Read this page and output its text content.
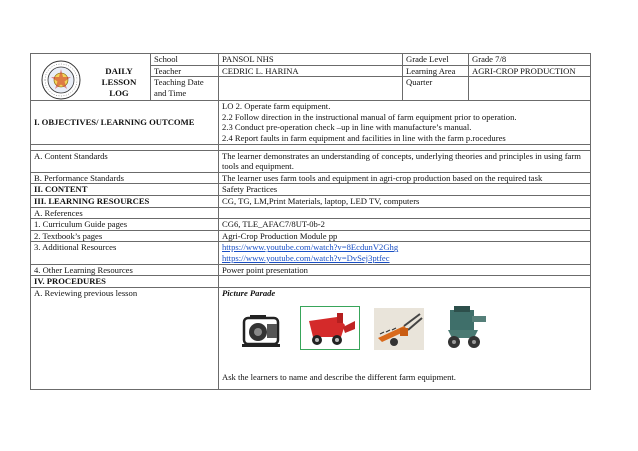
DAILY
LESSON
LOG	School	PANSOL NHS	Grade Level	Grade 7/8
	Teacher	CEDRIC L. HARINA	Learning Area	AGRI-CROP PRODUCTION
	Teaching Date and Time		Quarter	
I. OBJECTIVES/ LEARNING OUTCOME		LO 2. Operate farm equipment.
2.2 Follow direction in the instructional manual of farm equipment prior to operation.
2.3 Conduct pre-operation check –up in line with manufacture’s manual.
2.4 Report faults in farm equipment and facilities in line with the farm p.rocedures		

A. Content Standards		The learner demonstrates an understanding of concepts, underlying theories and principles in using farm tools and equipment.		
B. Performance Standards		The learner uses farm tools and equipment in agri-crop production based on the required task		
II. CONTENT		Safety Practices		
III. LEARNING RESOURCES		CG, TG, LM,Print Materials, laptop, LED TV, computers		
A. References				
1. Curriculum Guide pages		CG6, TLE_AFAC7/8UT-0b-2		
2. Textbook’s pages		Agri-Crop Production Module pp		
3. Additional Resources		https://www.youtube.com/watch?v=8EcdunV2Ghg
https://www.youtube.com/watch?v=DvSej3ptfec		

4. Other Learning Resources		Power point presentation		
IV. PROCEDURES				
A. Reviewing previous lesson		Picture Parade
Ask the learners to name and describe the different farm equipment.		
